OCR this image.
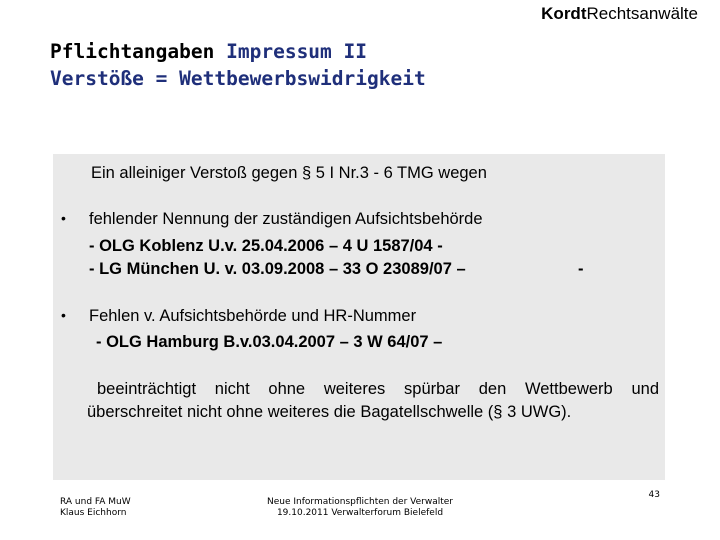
KordtRechtsanwälte
Pflichtangaben Impressum II
Verstöße = Wettbewerbswidrigkeit
Ein alleiniger Verstoß gegen § 5 I Nr.3 - 6 TMG wegen
• fehlender Nennung der zuständigen Aufsichtsbehörde
- OLG Koblenz U.v. 25.04.2006 – 4 U 1587/04 -
- LG München U. v. 03.09.2008 – 33 O 23089/07 –	-
• Fehlen v. Aufsichtsbehörde und HR-Nummer
- OLG Hamburg B.v.03.04.2007 – 3 W 64/07 –
beeinträchtigt nicht ohne weiteres spürbar den Wettbewerb und überschreitet nicht ohne weiteres die Bagatellschwelle (§ 3 UWG).
RA und FA MuW
Klaus Eichhorn
Neue Informationspflichten der Verwalter
19.10.2011 Verwalterforum Bielefeld
43
